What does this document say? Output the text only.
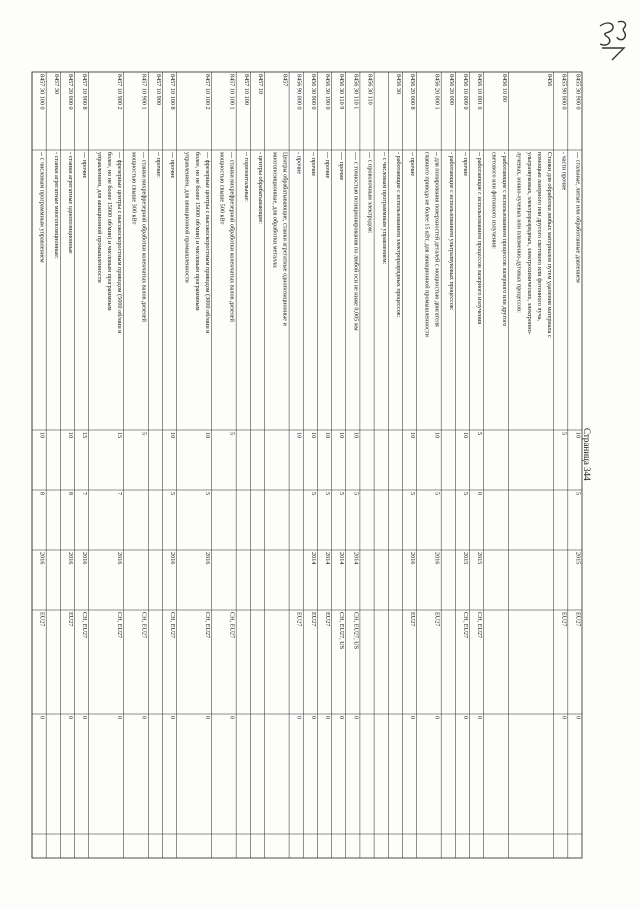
8455 30 900 0
--- стальные, литые или обработанные давлением
10
5
2015
EU27
0
8455 90 000 0
- части прочие
5
EU27
0
8456
Станки для обработки любых материалов путем удаления материала с
помощью лазерного или другого светового или фотонного луча,
ультразвуковых, электроразрядных, электрохимических, электронно-
лучевых, ионно-лучевых или плазменно-дуговых процессов:
8456 10 00
- работающие с использованием процессов лазерного или другого
светового или фотонного излучения:
8456 10 001 0
-- работающие с использованием процессов лазерного излучения
5
0
2015
CH, EU27
0
8456 10 009 0
-- прочие
10
5
2015
CH, EU27
0
8456 20 000
- работающие с использованием ультразвуковых процессов:
8456 20 000 1
-- для полирования поверхностей деталей с мощностью двигателя
главного привода не более 15 кВт, для авиационной промышленности
10
5
2016
EU27
0
8456 20 000 8
-- прочие
10
5
2016
EU27
0
8456 30
- работающие с использованием электроразрядных процессов:
-- с числовым программным управлением:
8456 30 110
--- с проволочным электродом:
8456 30 110 1
---- с точностью позиционирования по любой оси не ниже 0,005 мм
10
5
2014
CH, EU27, US
0
8456 30 110 9
---- прочие
10
5
2014
CH, EU27, US
0
8456 30 190 0
--- прочие
10
5
2014
EU27
0
8456 30 900 0
-- прочие
10
5
2014
EU27
0
8456 90 000 0
- прочие
10
EU27
0
8457
Центры обрабатывающие, станки агрегатные однопозиционные и
многопозиционные, для обработки металла:
8457 10
- центры обрабатывающие:
8457 10 100
-- горизонтальные:
8457 10 100 1
--- станки вихрефрезерной обработки коленчатых валов дизелей
мощностью свыше 500 кВт
5
CH, EU27
0
8457 10 100 2
--- фрезерные центры с высокоскоростным приводом (3000 об/мин и
более, но не более 15000 об/мин) и числовым программным
управлением, для авиационной промышленности
10
5
2016
CH, EU27
0
8457 10 100 8
--- прочие
10
5
2016
CH, EU27
0
8457 10 900
-- прочие:
8457 10 900 1
--- станки вихрефрезерной обработки коленчатых валов дизелей
мощностью свыше 300 кВт
5
CH, EU27
0
8457 10 900 2
--- фрезерные центры с высокоскоростным приводом (5000 об/мин и
более, но не более 15000 об/мин) и числовым программным
управлением, для авиационной промышленности
15
7
2016
CH, EU27
0
8457 10 900 8
--- прочие
15
7
2016
CH, EU27
0
8457 20 000 0
- станки агрегатные однопозиционные
10
8
2016
EU27
0
8457 30
- станки агрегатные многопозиционные:
8457 30 100 0
-- с числовым программным управлением
10
8
2016
EU27
0
Страница 344
